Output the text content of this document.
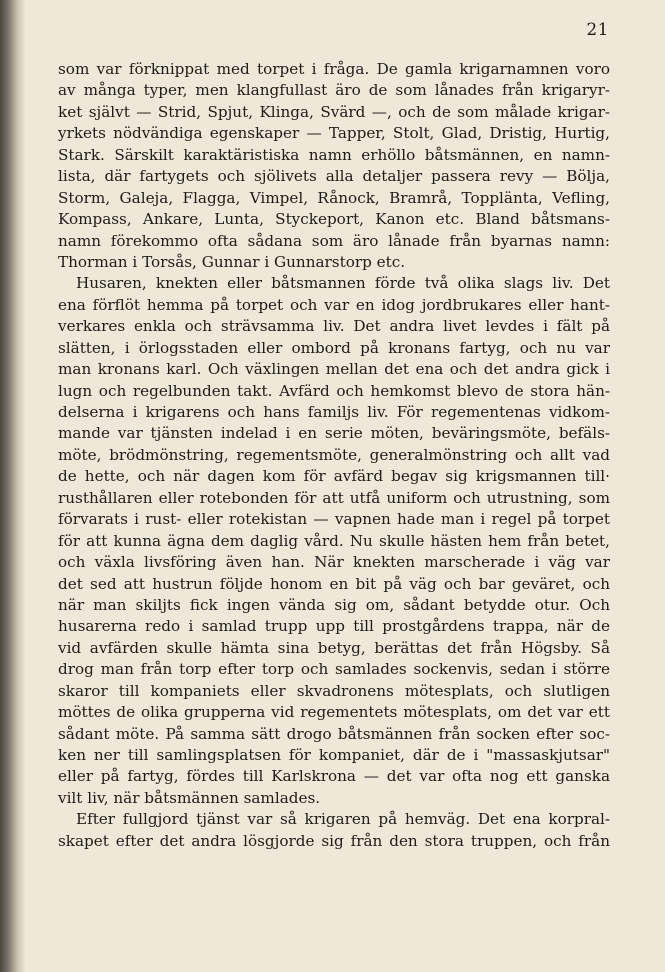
21
som var förknippat med torpet i fråga. De gamla krigarnamnen voro
av många typer, men klangfullast äro de som lånades från krigaryr-
ket självt — Strid, Spjut, Klinga, Svärd —, och de som målade krigar-
yrkets nödvändiga egenskaper — Tapper, Stolt, Glad, Dristig, Hurtig,
Stark. Särskilt karaktäristiska namn erhöllo båtsmännen, en namn-
lista, där fartygets och sjölivets alla detaljer passera revy — Bölja,
Storm, Galeja, Flagga, Vimpel, Rånock, Bramrå, Topplänta, Vefling,
Kompass, Ankare, Lunta, Styckeport, Kanon etc. Bland båtsmans-
namn förekommo ofta sådana som äro lånade från byarnas namn:
Thorman i Torsås, Gunnar i Gunnarstorp etc.
Husaren, knekten eller båtsmannen förde två olika slags liv. Det
ena förflöt hemma på torpet och var en idog jordbrukares eller hant-
verkares enkla och strävsamma liv. Det andra livet levdes i fält på
slätten, i örlogsstaden eller ombord på kronans fartyg, och nu var
man kronans karl. Och växlingen mellan det ena och det andra gick i
lugn och regelbunden takt. Avfärd och hemkomst blevo de stora hän-
delserna i krigarens och hans familjs liv. För regementenas vidkom-
mande var tjänsten indelad i en serie möten, beväringsmöte, befäls-
möte, brödmönstring, regementsmöte, generalmönstring och allt vad
de hette, och när dagen kom för avfärd begav sig krigsmannen till·
rusthållaren eller rotebonden för att utfå uniform och utrustning, som
förvarats i rust- eller rotekistan — vapnen hade man i regel på torpet
för att kunna ägna dem daglig vård. Nu skulle hästen hem från betet,
och växla livsföring även han. När knekten marscherade i väg var
det sed att hustrun följde honom en bit på väg och bar geväret, och
när man skiljts fick ingen vända sig om, sådant betydde otur. Och
husarerna redo i samlad trupp upp till prostgårdens trappa, när de
vid avfärden skulle hämta sina betyg, berättas det från Högsby. Så
drog man från torp efter torp och samlades sockenvis, sedan i större
skaror till kompaniets eller skvadronens mötesplats, och slutligen
möttes de olika grupperna vid regementets mötesplats, om det var ett
sådant möte. På samma sätt drogo båtsmännen från socken efter soc-
ken ner till samlingsplatsen för kompaniet, där de i "massaskjutsar"
eller på fartyg, fördes till Karlskrona — det var ofta nog ett ganska
vilt liv, när båtsmännen samlades.
Efter fullgjord tjänst var så krigaren på hemväg. Det ena korpral-
skapet efter det andra lösgjorde sig från den stora truppen, och från
